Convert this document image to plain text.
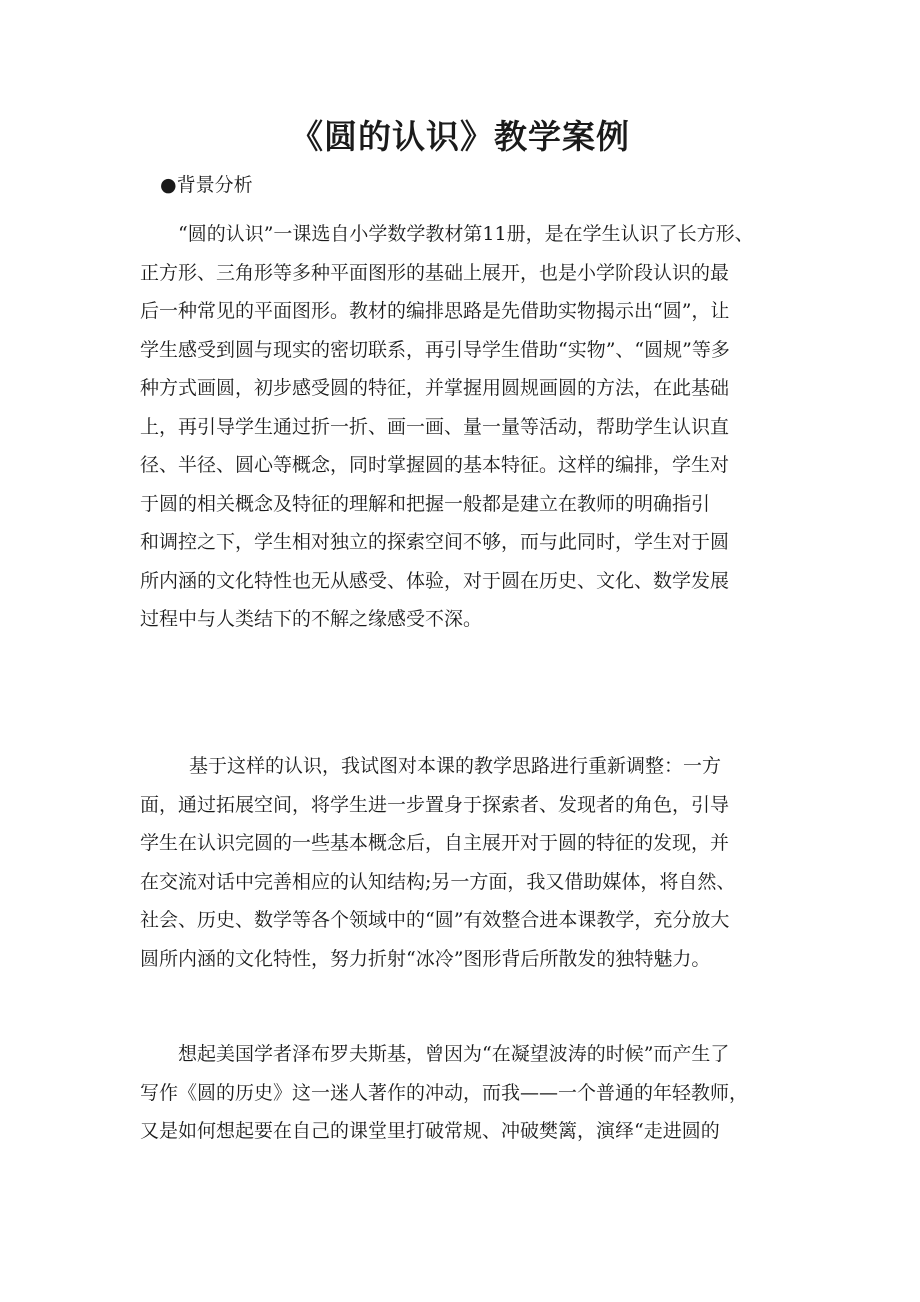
《圆的认识》教学案例

●背景分析

“圆的认识”一课选自小学数学教材第11册，是在学生认识了长方形、
正方形、三角形等多种平面图形的基础上展开，也是小学阶段认识的最
后一种常见的平面图形。教材的编排思路是先借助实物揭示出“圆”，让
学生感受到圆与现实的密切联系，再引导学生借助“实物”、“圆规”等多
种方式画圆，初步感受圆的特征，并掌握用圆规画圆的方法，在此基础
上，再引导学生通过折一折、画一画、量一量等活动，帮助学生认识直
径、半径、圆心等概念，同时掌握圆的基本特征。这样的编排，学生对
于圆的相关概念及特征的理解和把握一般都是建立在教师的明确指引
和调控之下，学生相对独立的探索空间不够，而与此同时，学生对于圆
所内涵的文化特性也无从感受、体验，对于圆在历史、文化、数学发展
过程中与人类结下的不解之缘感受不深。
　基于这样的认识，我试图对本课的教学思路进行重新调整：一方
面，通过拓展空间，将学生进一步置身于探索者、发现者的角色，引导
学生在认识完圆的一些基本概念后，自主展开对于圆的特征的发现，并
在交流对话中完善相应的认知结构;另一方面，我又借助媒体，将自然、
社会、历史、数学等各个领域中的“圆”有效整合进本课教学，充分放大
圆所内涵的文化特性，努力折射“冰冷”图形背后所散发的独特魅力。
想起美国学者泽布罗夫斯基，曾因为“在凝望波涛的时候”而产生了
写作《圆的历史》这一迷人著作的冲动，而我——一个普通的年轻教师，
又是如何想起要在自己的课堂里打破常规、冲破樊篱，演绎“走进圆的
